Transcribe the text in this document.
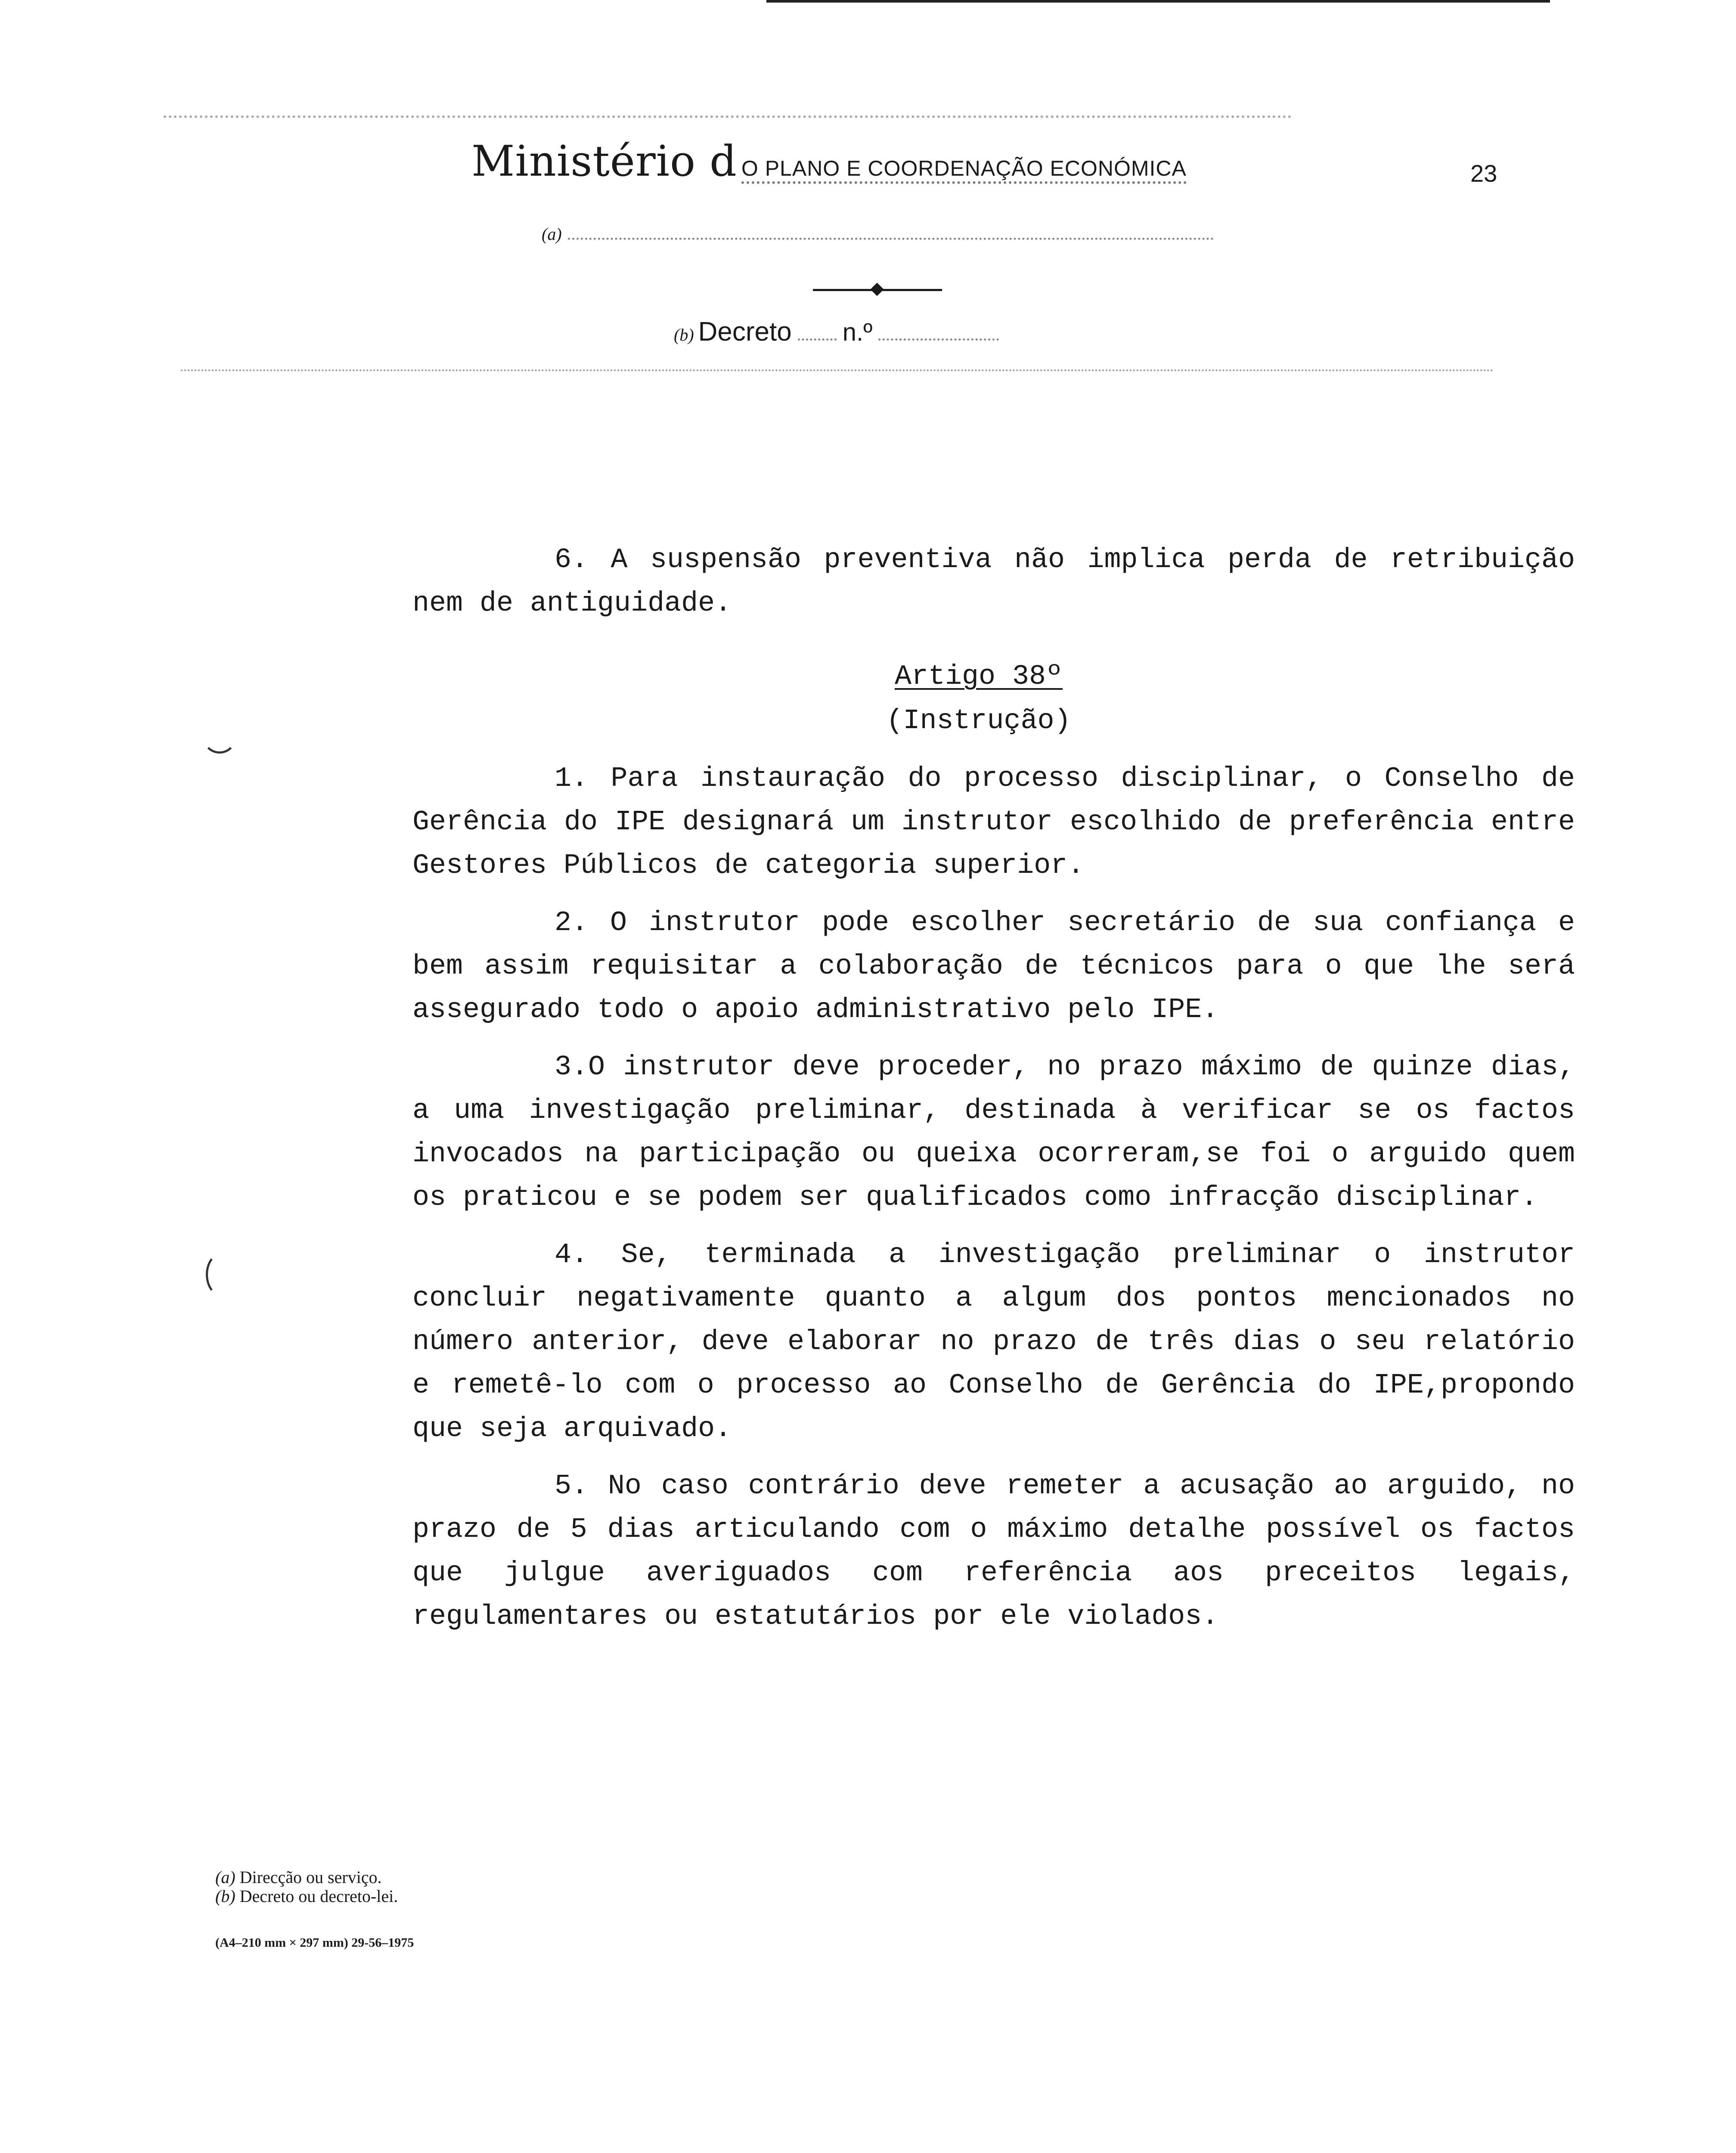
Ministério d O PLANO E COORDENAÇÃO ECONÓMICA	23
(a)
(b) Decreto n.º

6. A suspensão preventiva não implica perda de retribuição nem de antiguidade.

Artigo 38º
(Instrução)

1. Para instauração do processo disciplinar, o Conselho de Gerência do IPE designará um instrutor escolhido de preferência entre Gestores Públicos de categoria superior.

2. O instrutor pode escolher secretário de sua confiança e bem assim requisitar a colaboração de técnicos para o que lhe será assegurado todo o apoio administrativo pelo IPE.

3.O instrutor deve proceder, no prazo máximo de quinze dias, a uma investigação preliminar, destinada à verificar se os factos invocados na participação ou queixa ocorreram,se foi o arguido quem os praticou e se podem ser qualificados como infracção disciplinar.

4. Se, terminada a investigação preliminar o instrutor concluir negativamente quanto a algum dos pontos mencionados no número anterior, deve elaborar no prazo de três dias o seu relatório e remetê-lo com o processo ao Conselho de Gerência do IPE,propondo que seja arquivado.

5. No caso contrário deve remeter a acusação ao arguido, no prazo de 5 dias articulando com o máximo detalhe possível os factos que julgue averiguados com referência aos preceitos legais, regulamentares ou estatutários por ele violados.

(a) Direcção ou serviço.
(b) Decreto ou decreto-lei.
(A4–210 mm × 297 mm) 29-56–1975
